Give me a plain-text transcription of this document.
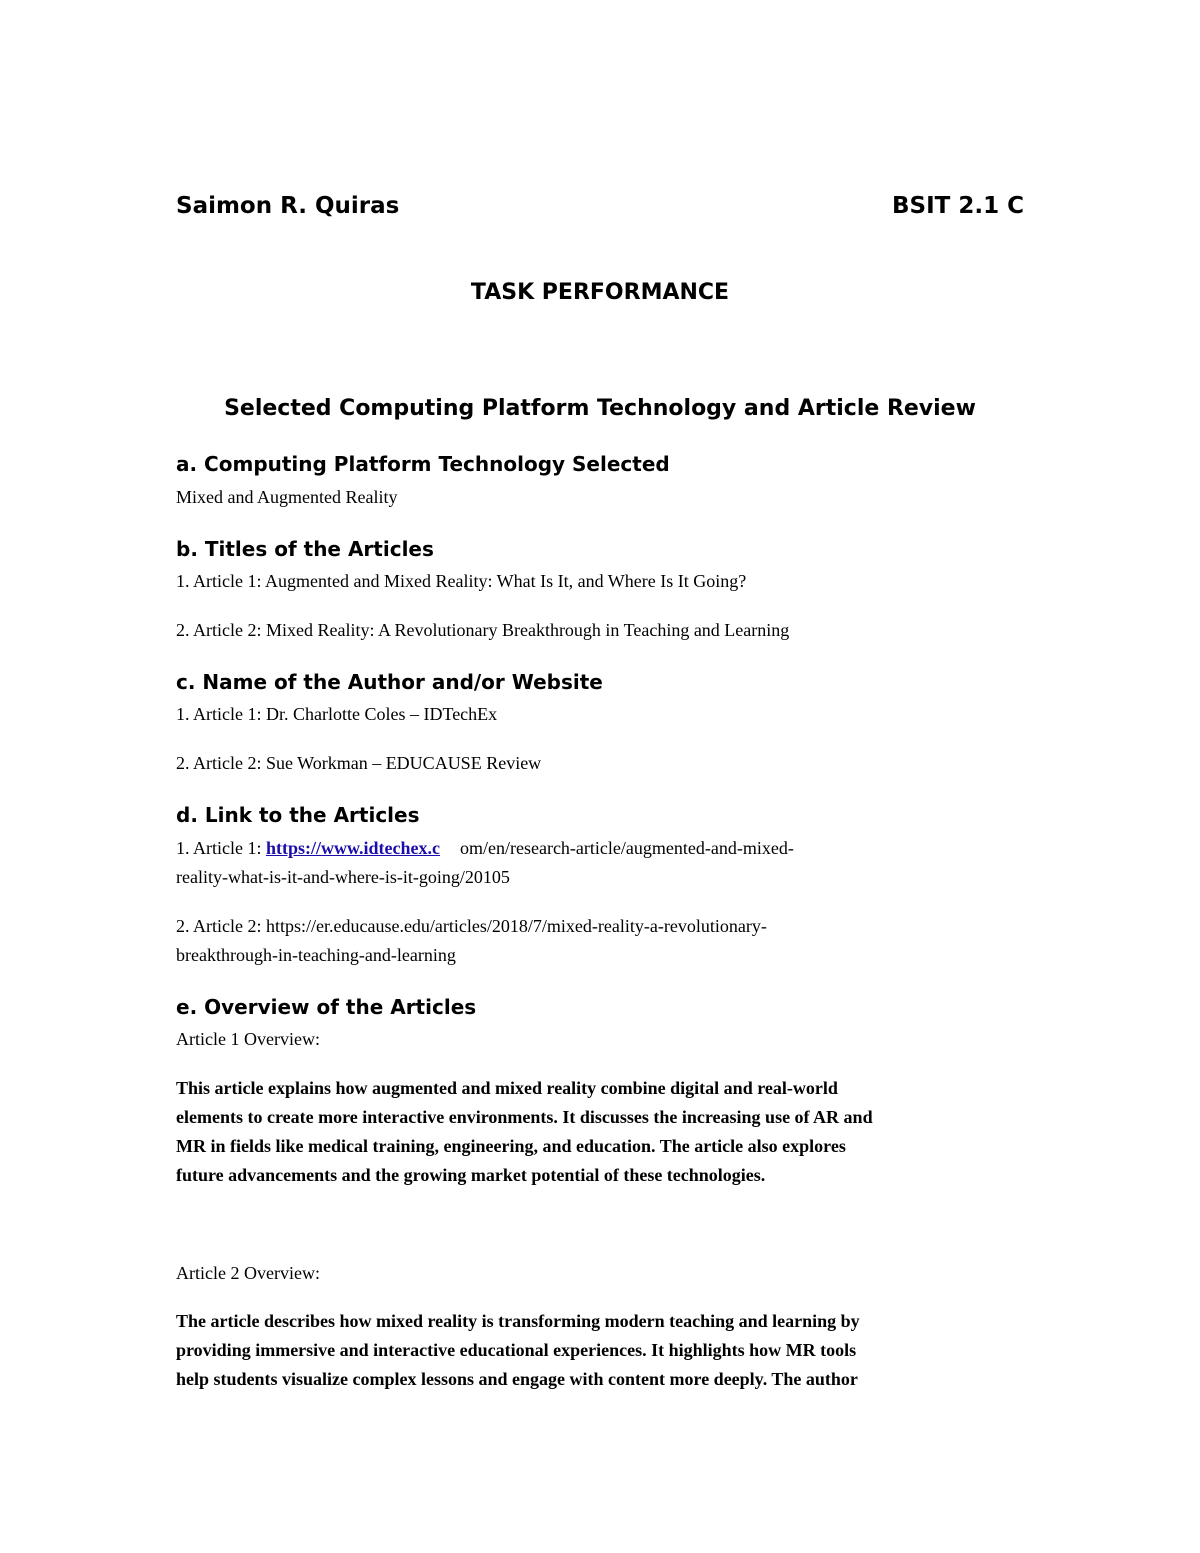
Saimon R. Quiras	BSIT 2.1 C
TASK PERFORMANCE
Selected Computing Platform Technology and Article Review
a. Computing Platform Technology Selected
Mixed and Augmented Reality
b. Titles of the Articles
1. Article 1: Augmented and Mixed Reality: What Is It, and Where Is It Going?
2. Article 2: Mixed Reality: A Revolutionary Breakthrough in Teaching and Learning
c. Name of the Author and/or Website
1. Article 1: Dr. Charlotte Coles – IDTechEx
2. Article 2: Sue Workman – EDUCAUSE Review
d. Link to the Articles
1. Article 1: https://www.idtechex.c om/en/research-article/augmented-and-mixed-
reality-what-is-it-and-where-is-it-going/20105
2. Article 2: https://er.educause.edu/articles/2018/7/mixed-reality-a-revolutionary-
breakthrough-in-teaching-and-learning
e. Overview of the Articles
Article 1 Overview:
This article explains how augmented and mixed reality combine digital and real-world
elements to create more interactive environments. It discusses the increasing use of AR and
MR in fields like medical training, engineering, and education. The article also explores
future advancements and the growing market potential of these technologies.
Article 2 Overview:
The article describes how mixed reality is transforming modern teaching and learning by
providing immersive and interactive educational experiences. It highlights how MR tools
help students visualize complex lessons and engage with content more deeply. The author
